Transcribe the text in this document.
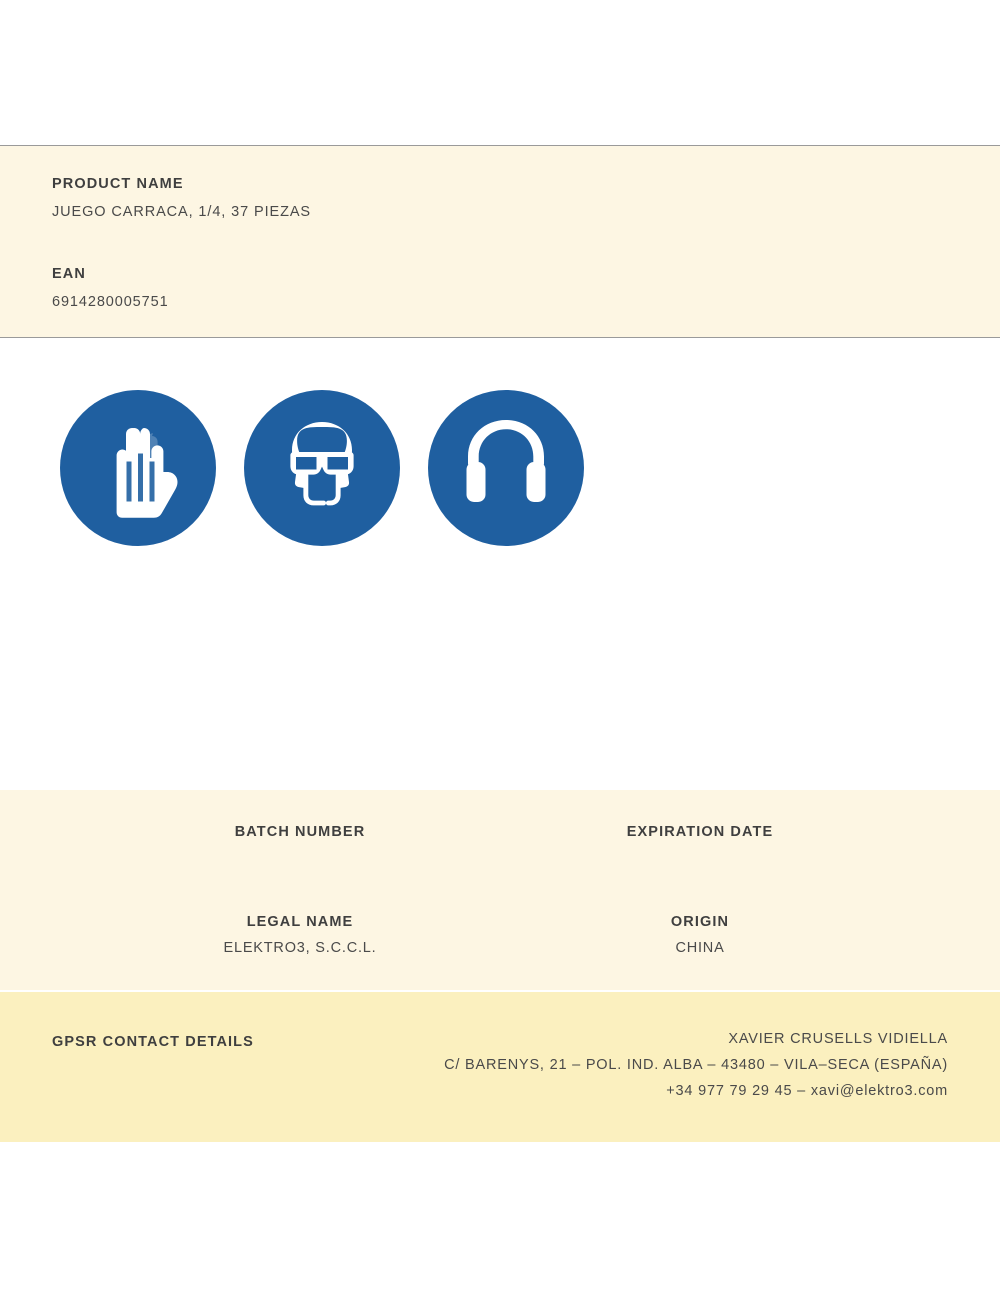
PRODUCT NAME
JUEGO CARRACA, 1/4, 37 PIEZAS
EAN
6914280005751
BATCH NUMBER	EXPIRATION DATE
LEGAL NAME
ELEKTRO3, S.C.C.L.
ORIGIN
CHINA
GPSR CONTACT DETAILS	XAVIER CRUSELLS VIDIELLA
C/ BARENYS, 21 – POL. IND. ALBA – 43480 – VILA–SECA (ESPAÑA)
+34 977 79 29 45 – xavi@elektro3.com
